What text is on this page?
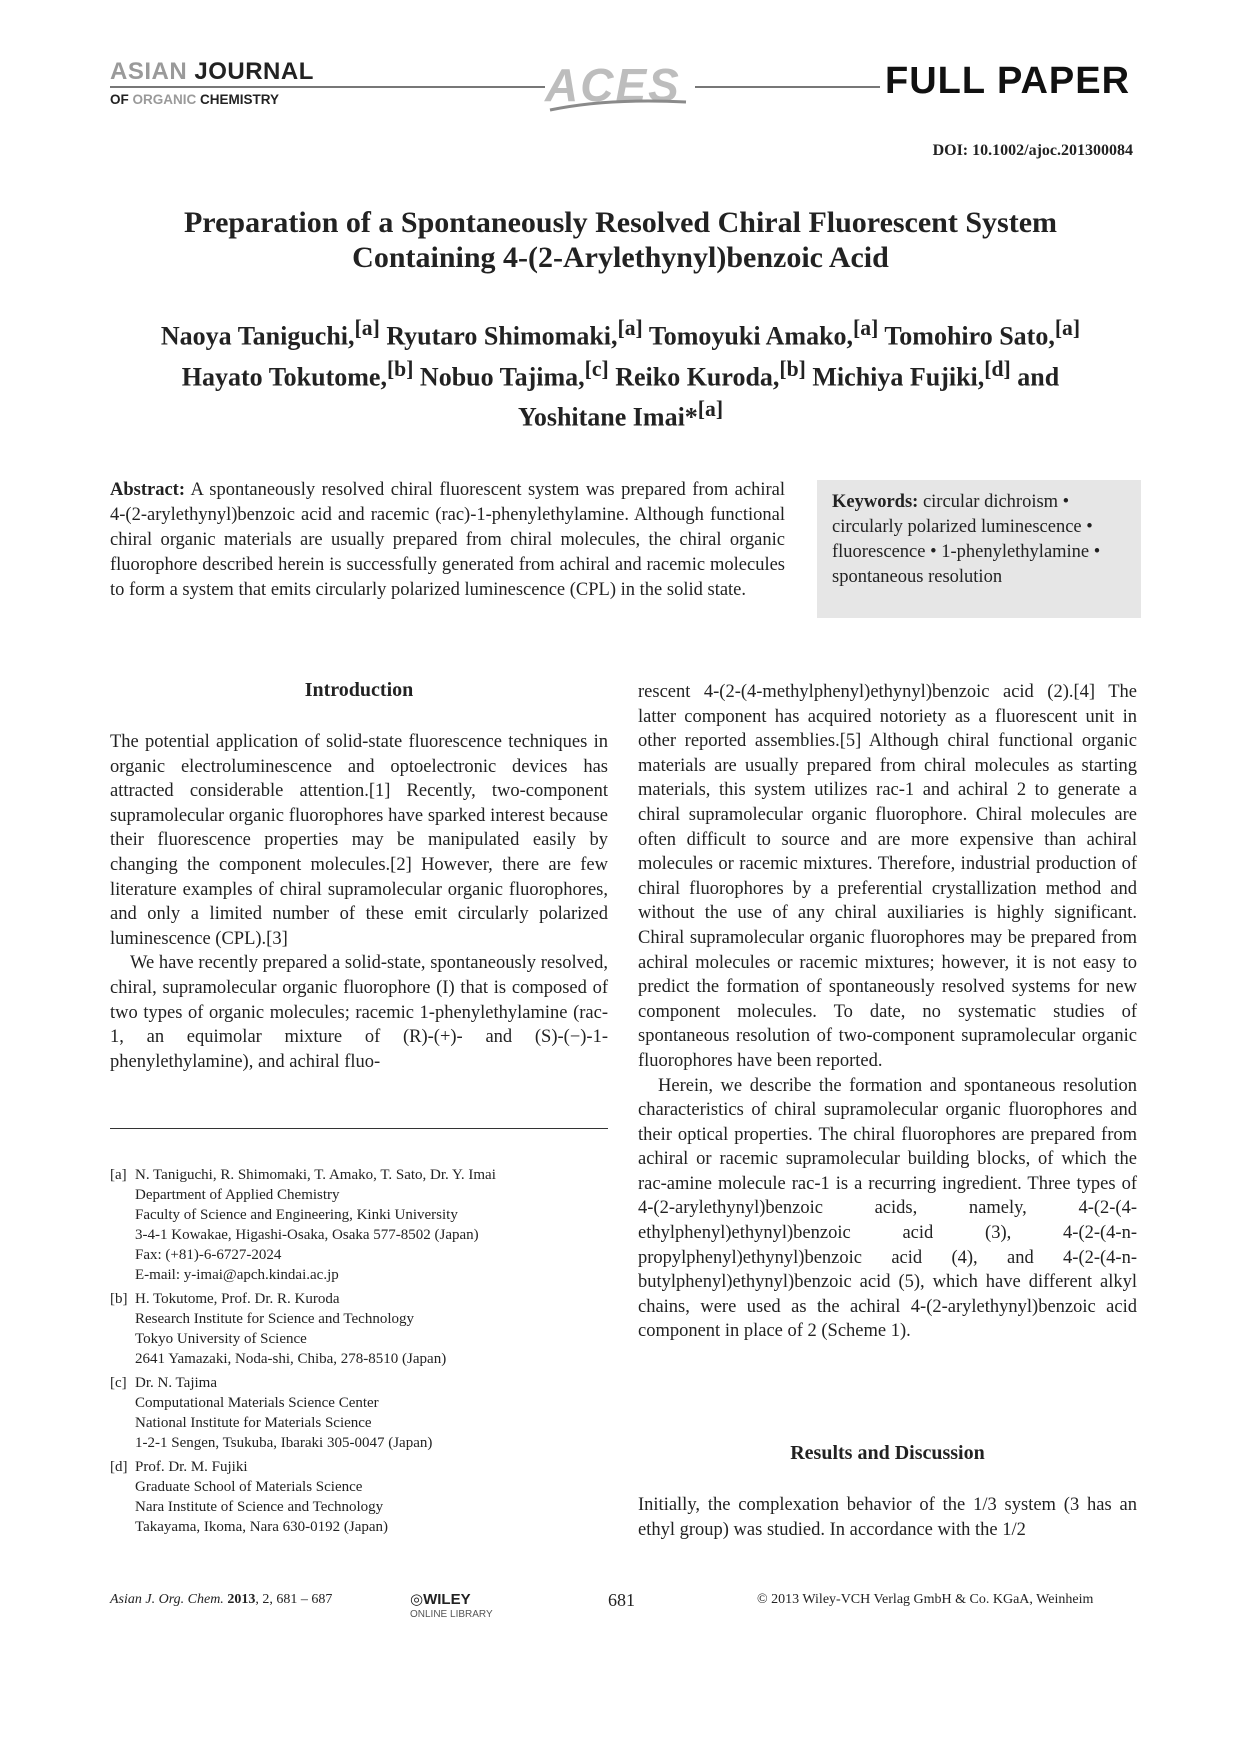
ASIAN JOURNAL
OF ORGANIC CHEMISTRY	ACES	FULL PAPER
DOI: 10.1002/ajoc.201300084
Preparation of a Spontaneously Resolved Chiral Fluorescent System
Containing 4-(2-Arylethynyl)benzoic Acid
Naoya Taniguchi,[a] Ryutaro Shimomaki,[a] Tomoyuki Amako,[a] Tomohiro Sato,[a]
Hayato Tokutome,[b] Nobuo Tajima,[c] Reiko Kuroda,[b] Michiya Fujiki,[d] and
Yoshitane Imai*[a]
Abstract: A spontaneously resolved chiral fluorescent system was prepared from achiral 4-(2-arylethynyl)benzoic acid and racemic (rac)-1-phenylethylamine. Although functional chiral organic materials are usually prepared from chiral molecules, the chiral organic fluorophore described herein is successfully generated from achiral and racemic molecules to form a system that emits circularly polarized luminescence (CPL) in the solid state.
Keywords: circular dichroism • circularly polarized luminescence • fluorescence • 1-phenylethylamine • spontaneous resolution
Introduction

The potential application of solid-state fluorescence techniques in organic electroluminescence and optoelectronic devices has attracted considerable attention.[1] Recently, two-component supramolecular organic fluorophores have sparked interest because their fluorescence properties may be manipulated easily by changing the component molecules.[2] However, there are few literature examples of chiral supramolecular organic fluorophores, and only a limited number of these emit circularly polarized luminescence (CPL).[3]

We have recently prepared a solid-state, spontaneously resolved, chiral, supramolecular organic fluorophore (I) that is composed of two types of organic molecules; racemic 1-phenylethylamine (rac-1, an equimolar mixture of (R)-(+)- and (S)-(−)-1-phenylethylamine), and achiral fluo-

[a] N. Taniguchi, R. Shimomaki, T. Amako, T. Sato, Dr. Y. Imai
Department of Applied Chemistry
Faculty of Science and Engineering, Kinki University
3-4-1 Kowakae, Higashi-Osaka, Osaka 577-8502 (Japan)
Fax: (+81)-6-6727-2024
E-mail: y-imai@apch.kindai.ac.jp
[b] H. Tokutome, Prof. Dr. R. Kuroda
Research Institute for Science and Technology
Tokyo University of Science
2641 Yamazaki, Noda-shi, Chiba, 278-8510 (Japan)
[c] Dr. N. Tajima
Computational Materials Science Center
National Institute for Materials Science
1-2-1 Sengen, Tsukuba, Ibaraki 305-0047 (Japan)
[d] Prof. Dr. M. Fujiki
Graduate School of Materials Science
Nara Institute of Science and Technology
Takayama, Ikoma, Nara 630-0192 (Japan)

rescent 4-(2-(4-methylphenyl)ethynyl)benzoic acid (2).[4] The latter component has acquired notoriety as a fluorescent unit in other reported assemblies.[5] Although chiral functional organic materials are usually prepared from chiral molecules as starting materials, this system utilizes rac-1 and achiral 2 to generate a chiral supramolecular organic fluorophore. Chiral molecules are often difficult to source and are more expensive than achiral molecules or racemic mixtures. Therefore, industrial production of chiral fluorophores by a preferential crystallization method and without the use of any chiral auxiliaries is highly significant. Chiral supramolecular organic fluorophores may be prepared from achiral molecules or racemic mixtures; however, it is not easy to predict the formation of spontaneously resolved systems for new component molecules. To date, no systematic studies of spontaneous resolution of two-component supramolecular organic fluorophores have been reported.

Herein, we describe the formation and spontaneous resolution characteristics of chiral supramolecular organic fluorophores and their optical properties. The chiral fluorophores are prepared from achiral or racemic supramolecular building blocks, of which the rac-amine molecule rac-1 is a recurring ingredient. Three types of 4-(2-arylethynyl)benzoic acids, namely, 4-(2-(4-ethylphenyl)ethynyl)benzoic acid (3), 4-(2-(4-n-propylphenyl)ethynyl)benzoic acid (4), and 4-(2-(4-n-butylphenyl)ethynyl)benzoic acid (5), which have different alkyl chains, were used as the achiral 4-(2-arylethynyl)benzoic acid component in place of 2 (Scheme 1).

Results and Discussion

Initially, the complexation behavior of the 1/3 system (3 has an ethyl group) was studied. In accordance with the 1/2

Asian J. Org. Chem. 2013, 2, 681 – 687	◎WILEY
ONLINE LIBRARY
681	© 2013 Wiley-VCH Verlag GmbH & Co. KGaA, Weinheim
